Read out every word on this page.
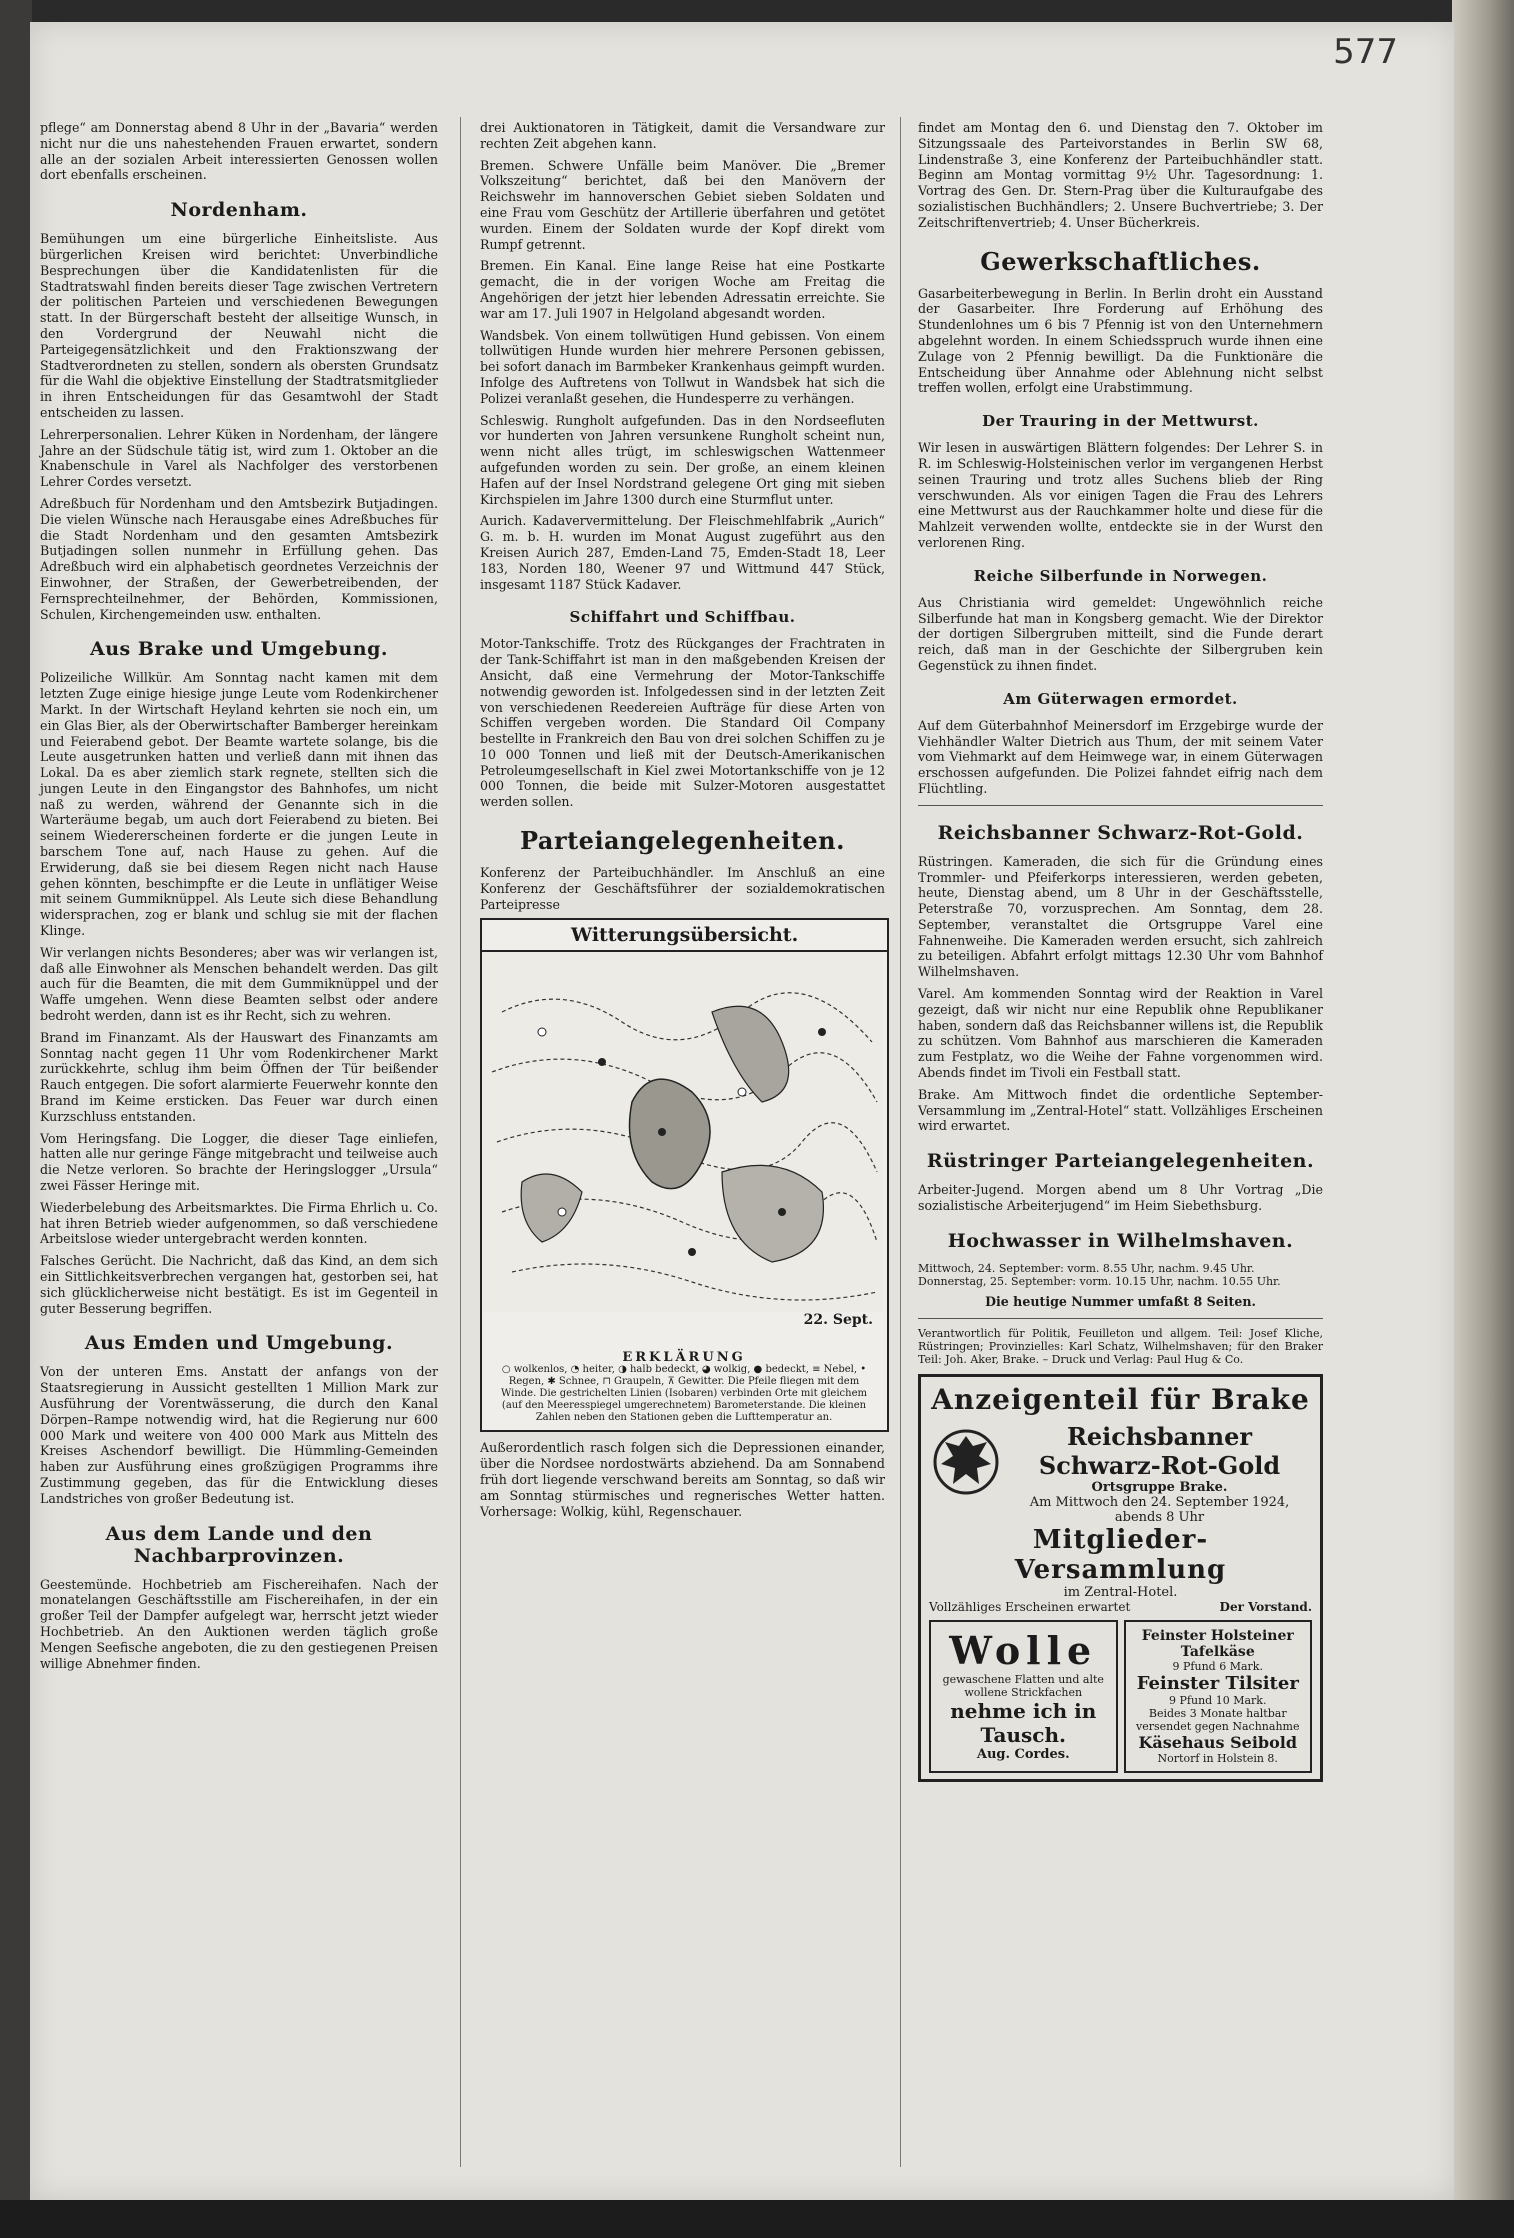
577

pflege“ am Donnerstag abend 8 Uhr in der „Bavaria“ werden nicht nur die uns nahestehenden Frauen erwartet, sondern alle an der sozialen Arbeit interessierten Genossen wollen dort ebenfalls erscheinen.

Nordenham.

Bemühungen um eine bürgerliche Einheitsliste. Aus bürgerlichen Kreisen wird berichtet: Unverbindliche Besprechungen über die Kandidatenlisten für die Stadtratswahl finden bereits dieser Tage zwischen Vertretern der politischen Parteien und verschiedenen Bewegungen statt. In der Bürgerschaft besteht der allseitige Wunsch, in den Vordergrund der Neuwahl nicht die Parteigegensätzlichkeit und den Fraktionszwang der Stadtverordneten zu stellen, sondern als obersten Grundsatz für die Wahl die objektive Einstellung der Stadtratsmitglieder in ihren Entscheidungen für das Gesamtwohl der Stadt entscheiden zu lassen.

Lehrerpersonalien. Lehrer Küken in Nordenham, der längere Jahre an der Südschule tätig ist, wird zum 1. Oktober an die Knabenschule in Varel als Nachfolger des verstorbenen Lehrer Cordes versetzt.

Adreßbuch für Nordenham und den Amtsbezirk Butjadingen. Die vielen Wünsche nach Herausgabe eines Adreßbuches für die Stadt Nordenham und den gesamten Amtsbezirk Butjadingen sollen nunmehr in Erfüllung gehen. Das Adreßbuch wird ein alphabetisch geordnetes Verzeichnis der Einwohner, der Straßen, der Gewerbetreibenden, der Fernsprechteilnehmer, der Behörden, Kommissionen, Schulen, Kirchengemeinden usw. enthalten.

Aus Brake und Umgebung.

Polizeiliche Willkür. Am Sonntag nacht kamen mit dem letzten Zuge einige hiesige junge Leute vom Rodenkirchener Markt. In der Wirtschaft Heyland kehrten sie noch ein, um ein Glas Bier, als der Oberwirtschafter Bamberger hereinkam und Feierabend gebot. Der Beamte wartete solange, bis die Leute ausgetrunken hatten und verließ dann mit ihnen das Lokal. Da es aber ziemlich stark regnete, stellten sich die jungen Leute in den Eingangstor des Bahnhofes, um nicht naß zu werden, während der Genannte sich in die Warteräume begab, um auch dort Feierabend zu bieten. Bei seinem Wiedererscheinen forderte er die jungen Leute in barschem Tone auf, nach Hause zu gehen. Auf die Erwiderung, daß sie bei diesem Regen nicht nach Hause gehen könnten, beschimpfte er die Leute in unflätiger Weise mit seinem Gummiknüppel. Als Leute sich diese Behandlung widersprachen, zog er blank und schlug sie mit der flachen Klinge.

Wir verlangen nichts Besonderes; aber was wir verlangen ist, daß alle Einwohner als Menschen behandelt werden. Das gilt auch für die Beamten, die mit dem Gummiknüppel und der Waffe umgehen. Wenn diese Beamten selbst oder andere bedroht werden, dann ist es ihr Recht, sich zu wehren.

Brand im Finanzamt. Als der Hauswart des Finanzamts am Sonntag nacht gegen 11 Uhr vom Rodenkirchener Markt zurückkehrte, schlug ihm beim Öffnen der Tür beißender Rauch entgegen. Die sofort alarmierte Feuerwehr konnte den Brand im Keime ersticken. Das Feuer war durch einen Kurzschluss entstanden.

Vom Heringsfang. Die Logger, die dieser Tage einliefen, hatten alle nur geringe Fänge mitgebracht und teilweise auch die Netze verloren. So brachte der Heringslogger „Ursula“ zwei Fässer Heringe mit.

Wiederbelebung des Arbeitsmarktes. Die Firma Ehrlich u. Co. hat ihren Betrieb wieder aufgenommen, so daß verschiedene Arbeitslose wieder untergebracht werden konnten.

Falsches Gerücht. Die Nachricht, daß das Kind, an dem sich ein Sittlichkeitsverbrechen vergangen hat, gestorben sei, hat sich glücklicherweise nicht bestätigt. Es ist im Gegenteil in guter Besserung begriffen.

Aus Emden und Umgebung.

Von der unteren Ems. Anstatt der anfangs von der Staatsregierung in Aussicht gestellten 1 Million Mark zur Ausführung der Vorentwässerung, die durch den Kanal Dörpen–Rampe notwendig wird, hat die Regierung nur 600 000 Mark und weitere von 400 000 Mark aus Mitteln des Kreises Aschendorf bewilligt. Die Hümmling-Gemeinden haben zur Ausführung eines großzügigen Programms ihre Zustimmung gegeben, das für die Entwicklung dieses Landstriches von großer Bedeutung ist.

Aus dem Lande und den Nachbarprovinzen.

Geestemünde. Hochbetrieb am Fischereihafen. Nach der monatelangen Geschäftsstille am Fischereihafen, in der ein großer Teil der Dampfer aufgelegt war, herrscht jetzt wieder Hochbetrieb. An den Auktionen werden täglich große Mengen Seefische angeboten, die zu den gestiegenen Preisen willige Abnehmer finden.

drei Auktionatoren in Tätigkeit, damit die Versandware zur rechten Zeit abgehen kann.

Bremen. Schwere Unfälle beim Manöver. Die „Bremer Volkszeitung“ berichtet, daß bei den Manövern der Reichswehr im hannoverschen Gebiet sieben Soldaten und eine Frau vom Geschütz der Artillerie überfahren und getötet wurden. Einem der Soldaten wurde der Kopf direkt vom Rumpf getrennt.

Bremen. Ein Kanal. Eine lange Reise hat eine Postkarte gemacht, die in der vorigen Woche am Freitag die Angehörigen der jetzt hier lebenden Adressatin erreichte. Sie war am 17. Juli 1907 in Helgoland abgesandt worden.

Wandsbek. Von einem tollwütigen Hund gebissen. Von einem tollwütigen Hunde wurden hier mehrere Personen gebissen, bei sofort danach im Barmbeker Krankenhaus geimpft wurden. Infolge des Auftretens von Tollwut in Wandsbek hat sich die Polizei veranlaßt gesehen, die Hundesperre zu verhängen.

Schleswig. Rungholt aufgefunden. Das in den Nordseefluten vor hunderten von Jahren versunkene Rungholt scheint nun, wenn nicht alles trügt, im schleswigschen Wattenmeer aufgefunden worden zu sein. Der große, an einem kleinen Hafen auf der Insel Nordstrand gelegene Ort ging mit sieben Kirchspielen im Jahre 1300 durch eine Sturmflut unter.

Aurich. Kadaververmittelung. Der Fleischmehlfabrik „Aurich“ G. m. b. H. wurden im Monat August zugeführt aus den Kreisen Aurich 287, Emden-Land 75, Emden-Stadt 18, Leer 183, Norden 180, Weener 97 und Wittmund 447 Stück, insgesamt 1187 Stück Kadaver.

Schiffahrt und Schiffbau.

Motor-Tankschiffe. Trotz des Rückganges der Frachtraten in der Tank-Schiffahrt ist man in den maßgebenden Kreisen der Ansicht, daß eine Vermehrung der Motor-Tankschiffe notwendig geworden ist. Infolgedessen sind in der letzten Zeit von verschiedenen Reedereien Aufträge für diese Arten von Schiffen vergeben worden. Die Standard Oil Company bestellte in Frankreich den Bau von drei solchen Schiffen zu je 10 000 Tonnen und ließ mit der Deutsch-Amerikanischen Petroleumgesellschaft in Kiel zwei Motortankschiffe von je 12 000 Tonnen, die beide mit Sulzer-Motoren ausgestattet werden sollen.

Parteiangelegenheiten.

Konferenz der Parteibuchhändler. Im Anschluß an eine Konferenz der Geschäftsführer der sozialdemokratischen Parteipresse

Witterungsübersicht.
22. Sept.
ERKLÄRUNG
○ wolkenlos, ◔ heiter, ◑ halb bedeckt, ◕ wolkig, ● bedeckt, ≡ Nebel, • Regen, ✱ Schnee, ⊓ Graupeln, ⊼ Gewitter. Die Pfeile fliegen mit dem Winde. Die gestrichelten Linien (Isobaren) verbinden Orte mit gleichem (auf den Meeresspiegel umgerechnetem) Barometerstande. Die kleinen Zahlen neben den Stationen geben die Lufttemperatur an.

Außerordentlich rasch folgen sich die Depressionen einander, über die Nordsee nordostwärts abziehend. Da am Sonnabend früh dort liegende verschwand bereits am Sonntag, so daß wir am Sonntag stürmisches und regnerisches Wetter hatten. Vorhersage: Wolkig, kühl, Regenschauer.

findet am Montag den 6. und Dienstag den 7. Oktober im Sitzungssaale des Parteivorstandes in Berlin SW 68, Lindenstraße 3, eine Konferenz der Parteibuchhändler statt. Beginn am Montag vormittag 9½ Uhr. Tagesordnung: 1. Vortrag des Gen. Dr. Stern-Prag über die Kulturaufgabe des sozialistischen Buchhändlers; 2. Unsere Buchvertriebe; 3. Der Zeitschriftenvertrieb; 4. Unser Bücherkreis.

Gewerkschaftliches.

Gasarbeiterbewegung in Berlin. In Berlin droht ein Ausstand der Gasarbeiter. Ihre Forderung auf Erhöhung des Stundenlohnes um 6 bis 7 Pfennig ist von den Unternehmern abgelehnt worden. In einem Schiedsspruch wurde ihnen eine Zulage von 2 Pfennig bewilligt. Da die Funktionäre die Entscheidung über Annahme oder Ablehnung nicht selbst treffen wollen, erfolgt eine Urabstimmung.

Der Trauring in der Mettwurst.

Wir lesen in auswärtigen Blättern folgendes: Der Lehrer S. in R. im Schleswig-Holsteinischen verlor im vergangenen Herbst seinen Trauring und trotz alles Suchens blieb der Ring verschwunden. Als vor einigen Tagen die Frau des Lehrers eine Mettwurst aus der Rauchkammer holte und diese für die Mahlzeit verwenden wollte, entdeckte sie in der Wurst den verlorenen Ring.

Reiche Silberfunde in Norwegen.

Aus Christiania wird gemeldet: Ungewöhnlich reiche Silberfunde hat man in Kongsberg gemacht. Wie der Direktor der dortigen Silbergruben mitteilt, sind die Funde derart reich, daß man in der Geschichte der Silbergruben kein Gegenstück zu ihnen findet.

Am Güterwagen ermordet.

Auf dem Güterbahnhof Meinersdorf im Erzgebirge wurde der Viehhändler Walter Dietrich aus Thum, der mit seinem Vater vom Viehmarkt auf dem Heimwege war, in einem Güterwagen erschossen aufgefunden. Die Polizei fahndet eifrig nach dem Flüchtling.

Reichsbanner Schwarz-Rot-Gold.

Rüstringen. Kameraden, die sich für die Gründung eines Trommler- und Pfeiferkorps interessieren, werden gebeten, heute, Dienstag abend, um 8 Uhr in der Geschäftsstelle, Peterstraße 70, vorzusprechen. Am Sonntag, dem 28. September, veranstaltet die Ortsgruppe Varel eine Fahnenweihe. Die Kameraden werden ersucht, sich zahlreich zu beteiligen. Abfahrt erfolgt mittags 12.30 Uhr vom Bahnhof Wilhelmshaven.

Varel. Am kommenden Sonntag wird der Reaktion in Varel gezeigt, daß wir nicht nur eine Republik ohne Republikaner haben, sondern daß das Reichsbanner willens ist, die Republik zu schützen. Vom Bahnhof aus marschieren die Kameraden zum Festplatz, wo die Weihe der Fahne vorgenommen wird. Abends findet im Tivoli ein Festball statt.

Brake. Am Mittwoch findet die ordentliche September-Versammlung im „Zentral-Hotel“ statt. Vollzähliges Erscheinen wird erwartet.

Rüstringer Parteiangelegenheiten.

Arbeiter-Jugend. Morgen abend um 8 Uhr Vortrag „Die sozialistische Arbeiterjugend“ im Heim Siebethsburg.

Hochwasser in Wilhelmshaven.

Mittwoch, 24. September: vorm. 8.55 Uhr, nachm. 9.45 Uhr.

Donnerstag, 25. September: vorm. 10.15 Uhr, nachm. 10.55 Uhr.

Die heutige Nummer umfaßt 8 Seiten.

Verantwortlich für Politik, Feuilleton und allgem. Teil: Josef Kliche, Rüstringen; Provinzielles: Karl Schatz, Wilhelmshaven; für den Braker Teil: Joh. Aker, Brake. – Druck und Verlag: Paul Hug & Co.

Anzeigenteil für Brake
Reichsbanner Schwarz-Rot-Gold
Ortsgruppe Brake.
Am Mittwoch den 24. September 1924, abends 8 Uhr
Mitglieder-Versammlung
im Zentral-Hotel.
Vollzähliges Erscheinen erwartet	Der Vorstand.
Wolle
gewaschene Flatten und alte wollene Strickfachen
nehme ich in Tausch.
Aug. Cordes.
Feinster Holsteiner Tafelkäse
9 Pfund 6 Mark.
Feinster Tilsiter
9 Pfund 10 Mark.
Beides 3 Monate haltbar versendet gegen Nachnahme
Käsehaus Seibold
Nortorf in Holstein 8.
